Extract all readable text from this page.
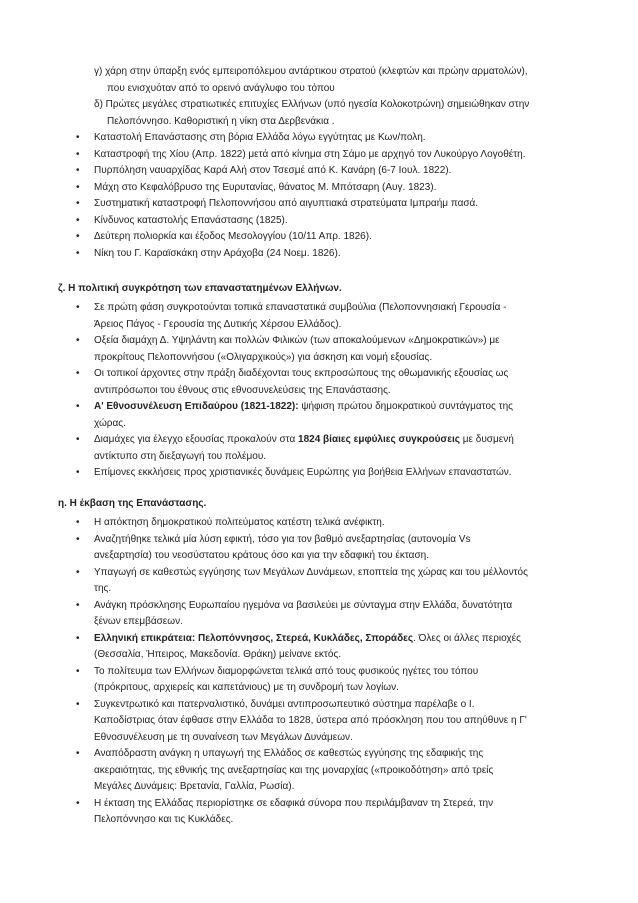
γ) χάρη στην ύπαρξη ενός εμπειροπόλεμου αντάρτικου στρατού (κλεφτών και πρώην αρματολών),
που ενισχυόταν από το ορεινό ανάγλυφο του τόπου
δ) Πρώτες μεγάλες στρατιωτικές επιτυχίες Ελλήνων (υπό ηγεσία Κολοκοτρώνη) σημειώθηκαν στην
Πελοπόννησο. Καθοριστική η νίκη στα Δερβενάκια .
• Καταστολή Επανάστασης στη βόρια Ελλάδα λόγω εγγύτητας με Κων/πολη.
• Καταστροφή της Χίου (Απρ. 1822) μετά από κίνημα στη Σάμο με αρχηγό τον Λυκούργο Λογοθέτη.
• Πυρπόληση ναυαρχίδας Καρά Αλή στον Τσεσμέ από Κ. Κανάρη (6-7 Ιουλ. 1822).
• Μάχη στο Κεφαλόβρυσο της Ευρυτανίας, θάνατος Μ. Μπότσαρη (Αυγ. 1823).
• Συστηματική καταστροφή Πελοποννήσου από αιγυπτιακά στρατεύματα Ιμπραήμ πασά.
• Κίνδυνος καταστολής Επανάστασης (1825).
• Δεύτερη πολιορκία και έξοδος Μεσολογγίου (10/11 Απρ. 1826).
• Νίκη του Γ. Καραϊσκάκη στην Αράχοβα (24 Νοεμ. 1826).
ζ. Η πολιτική συγκρότηση των επαναστατημένων Ελλήνων.
• Σε πρώτη φάση συγκροτούνται τοπικά επαναστατικά συμβούλια (Πελοποννησιακή Γερουσία -
Άρειος Πάγος - Γερουσία της Δυτικής Χέρσου Ελλάδος).
• Οξεία διαμάχη Δ. Υψηλάντη και πολλών Φιλικών (των αποκαλούμενων «Δημοκρατικών») με
προκρίτους Πελοποννήσου («Ολιγαρχικούς») για άσκηση και νομή εξουσίας.
• Οι τοπικοί άρχοντες στην πράξη διαδέχονται τους εκπροσώπους της οθωμανικής εξουσίας ως
αντιπρόσωποι του έθνους στις εθνοσυνελεύσεις της Επανάστασης.
• Α' Εθνοσυνέλευση Επιδαύρου (1821-1822): ψήφιση πρώτου δημοκρατικού συντάγματος της
χώρας.
• Διαμάχες για έλεγχο εξουσίας προκαλούν στα 1824 βίαιες εμφύλιες συγκρούσεις με δυσμενή
αντίκτυπο στη διεξαγωγή του πολέμου.
• Επίμονες εκκλήσεις προς χριστιανικές δυνάμεις Ευρώπης για βοήθεια Ελλήνων επαναστατών.
η. Η έκβαση της Επανάστασης.
• Η απόκτηση δημοκρατικού πολιτεύματος κατέστη τελικά ανέφικτη.
• Αναζητήθηκε τελικά μία λύση εφικτή, τόσο για τον βαθμό ανεξαρτησίας (αυτονομία Vs
ανεξαρτησία) του νεοσύστατου κράτους όσο και για την εδαφική του έκταση.
• Υπαγωγή σε καθεστώς εγγύησης των Μεγάλων Δυνάμεων, εποπτεία της χώρας και του μέλλοντός
της.
• Ανάγκη πρόσκλησης Ευρωπαίου ηγεμόνα να βασιλεύει με σύνταγμα στην Ελλάδα, δυνατότητα
ξένων επεμβάσεων.
• Ελληνική επικράτεια: Πελοπόννησος, Στερεά, Κυκλάδες, Σποράδες. Όλες οι άλλες περιοχές
(Θεσσαλία, Ήπειρος, Μακεδονία. Θράκη) μείνανε εκτός.
• Το πολίτευμα των Ελλήνων διαμορφώνεται τελικά από τους φυσικούς ηγέτες του τόπου
(πρόκριτους, αρχιερείς και καπετάνιους) με τη συνδρομή των λογίων.
• Συγκεντρωτικό και πατερναλιστικό, δυνάμει αντιπροσωπευτικό σύστημα παρέλαβε ο Ι.
Καποδίστριας όταν έφθασε στην Ελλάδα το 1828, ύστερα από πρόσκληση που του απηύθυνε η Γ'
Εθνοσυνέλευση με τη συναίνεση των Μεγάλων Δυνάμεων.
• Αναπόδραστη ανάγκη η υπαγωγή της Ελλάδος σε καθεστώς εγγύησης της εδαφικής της
ακεραιότητας, της εθνικής της ανεξαρτησίας και της μοναρχίας («προικοδότηση» από τρείς
Μεγάλες Δυνάμεις: Βρετανία, Γαλλία, Ρωσία).
• Η έκταση της Ελλάδας περιορίστηκε σε εδαφικά σύνορα που περιλάμβαναν τη Στερεά, την
Πελοπόννησο και τις Κυκλάδες.
